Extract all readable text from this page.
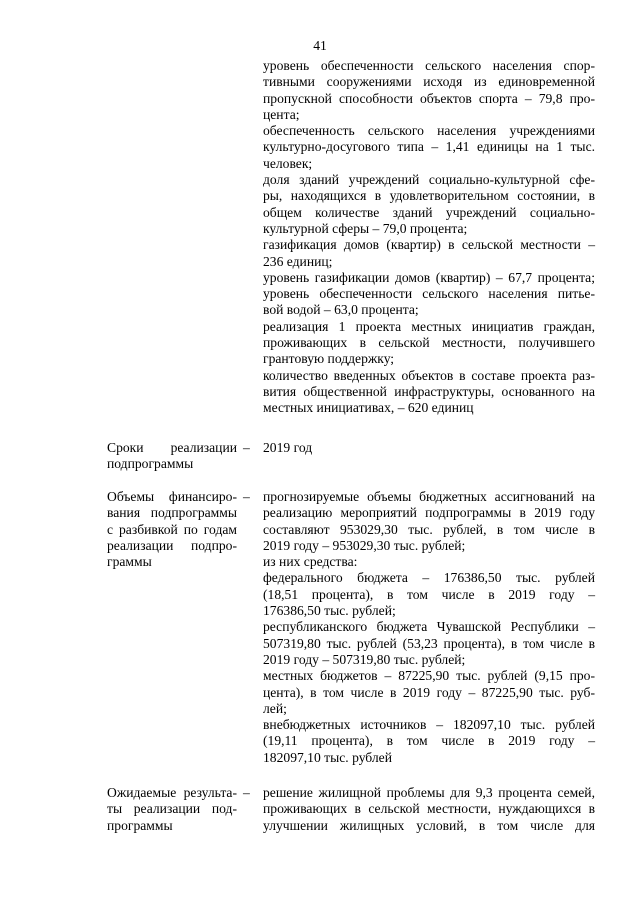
41
уровень обеспеченности сельского населения спор-
тивными сооружениями исходя из единовременной
пропускной способности объектов спорта – 79,8 про-
цента;
обеспеченность сельского населения учреждениями
культурно-досугового типа – 1,41 единицы на 1 тыс.
человек;
доля зданий учреждений социально-культурной сфе-
ры, находящихся в удовлетворительном состоянии, в
общем количестве зданий учреждений социально-
культурной сферы – 79,0 процента;
газификация домов (квартир) в сельской местности –
236 единиц;
уровень газификации домов (квартир) – 67,7 процента;
уровень обеспеченности сельского населения питье-
вой водой – 63,0 процента;
реализация 1 проекта местных инициатив граждан,
проживающих в сельской местности, получившего
грантовую поддержку;
количество введенных объектов в составе проекта раз-
вития общественной инфраструктуры, основанного на
местных инициативах, – 620 единиц
Сроки реализации
подпрограммы
– 2019 год
Объемы финансиро-
вания подпрограммы
с разбивкой по годам
реализации подпро-
граммы
– прогнозируемые объемы бюджетных ассигнований на
реализацию мероприятий подпрограммы в 2019 году
составляют 953029,30 тыс. рублей, в том числе в
2019 году – 953029,30 тыс. рублей;
из них средства:
федерального бюджета – 176386,50 тыс. рублей
(18,51 процента), в том числе в 2019 году –
176386,50 тыс. рублей;
республиканского бюджета Чувашской Республики –
507319,80 тыс. рублей (53,23 процента), в том числе в
2019 году – 507319,80 тыс. рублей;
местных бюджетов – 87225,90 тыс. рублей (9,15 про-
цента), в том числе в 2019 году – 87225,90 тыс. руб-
лей;
внебюджетных источников – 182097,10 тыс. рублей
(19,11 процента), в том числе в 2019 году –
182097,10 тыс. рублей
Ожидаемые результа-
ты реализации под-
программы
– решение жилищной проблемы для 9,3 процента семей,
проживающих в сельской местности, нуждающихся в
улучшении жилищных условий, в том числе для
